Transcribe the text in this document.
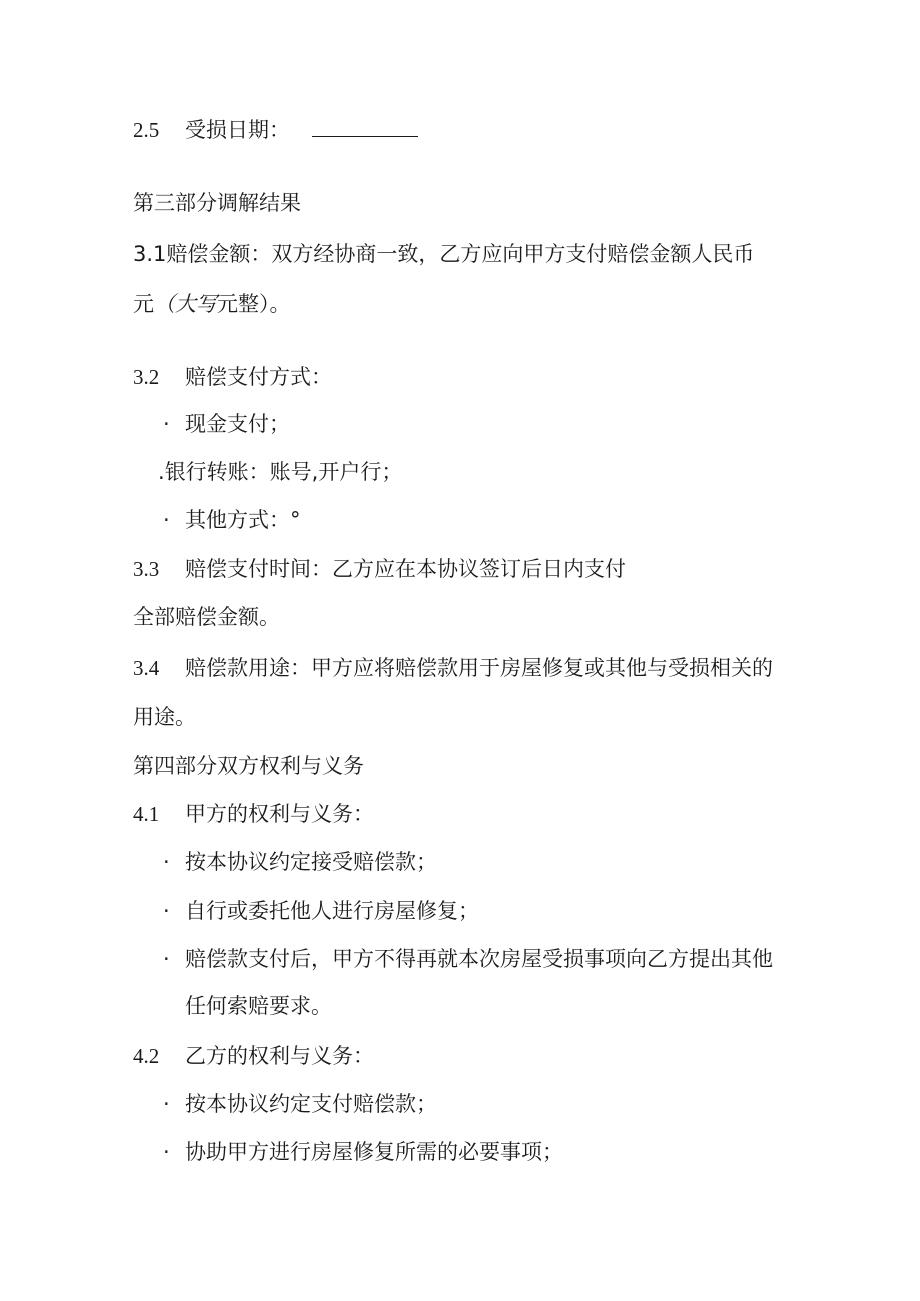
2.5 受损日期：
第三部分调解结果
3.1赔偿金额：双方经协商一致，乙方应向甲方支付赔偿金额人民币
元（大写元整）。
3.2 赔偿支付方式：
· 现金支付；
.银行转账：账号,开户行；
· 其他方式：°
3.3 赔偿支付时间：乙方应在本协议签订后日内支付
全部赔偿金额。
3.4 赔偿款用途：甲方应将赔偿款用于房屋修复或其他与受损相关的
用途。
第四部分双方权利与义务
4.1 甲方的权利与义务：
· 按本协议约定接受赔偿款；
· 自行或委托他人进行房屋修复；
· 赔偿款支付后，甲方不得再就本次房屋受损事项向乙方提出其他
任何索赔要求。
4.2 乙方的权利与义务：
· 按本协议约定支付赔偿款；
· 协助甲方进行房屋修复所需的必要事项；
